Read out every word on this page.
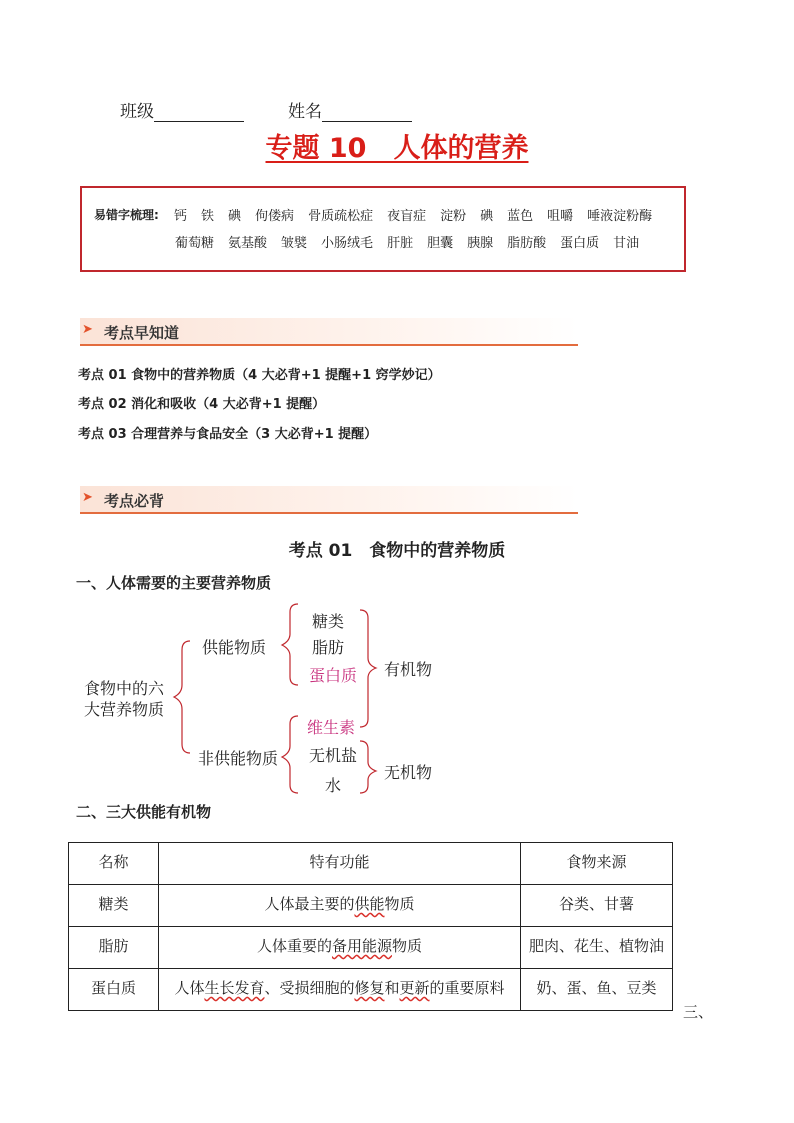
班级	姓名
专题 10　人体的营养
易错字梳理: 钙 铁 碘 佝偻病 骨质疏松症 夜盲症 淀粉 碘 蓝色 咀嚼 唾液淀粉酶
葡萄糖 氨基酸 皱襞 小肠绒毛 肝脏 胆囊 胰腺 脂肪酸 蛋白质 甘油
➤ 考点早知道
考点 01 食物中的营养物质（4 大必背+1 提醒+1 窍学妙记）
考点 02 消化和吸收（4 大必背+1 提醒）
考点 03 合理营养与食品安全（3 大必背+1 提醒）
➤ 考点必背
考点 01　食物中的营养物质
一、人体需要的主要营养物质
食物中的六
大营养物质
供能物质
非供能物质
糖类
脂肪
蛋白质
维生素
无机盐
水
有机物
无机物
二、三大供能有机物
名称	特有功能	食物来源
糖类	人体最主要的供能物质	谷类、甘薯
脂肪	人体重要的备用能源物质	肥肉、花生、植物油
蛋白质	人体生长发育、受损细胞的修复和更新的重要原料	奶、蛋、鱼、豆类
三、
